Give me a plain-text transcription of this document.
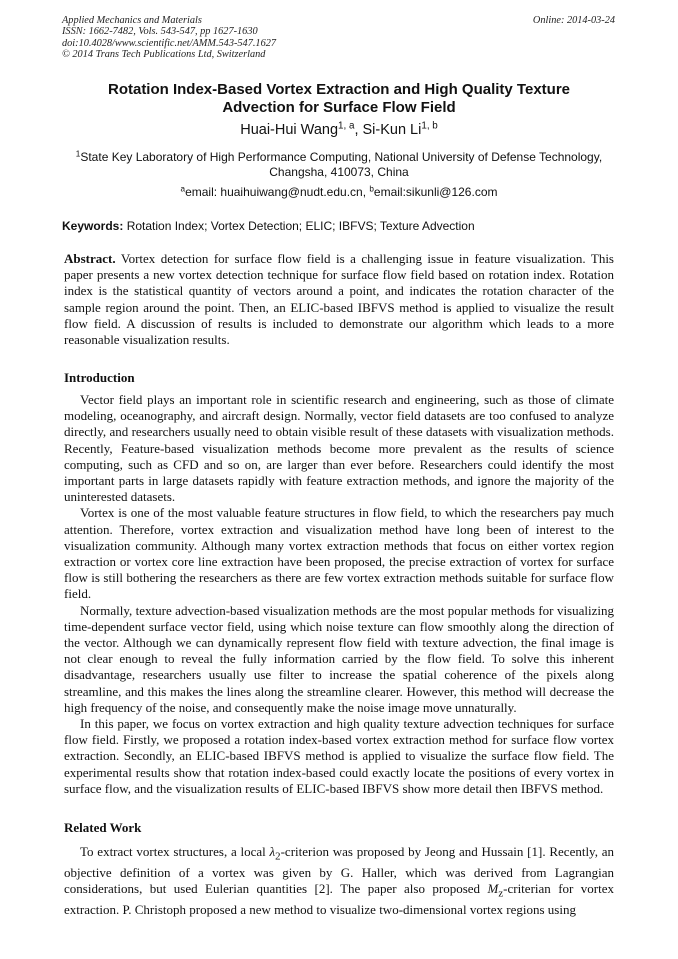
Applied Mechanics and Materials
ISSN: 1662-7482, Vols. 543-547, pp 1627-1630
doi:10.4028/www.scientific.net/AMM.543-547.1627
© 2014 Trans Tech Publications Ltd, Switzerland
Online: 2014-03-24
Rotation Index-Based Vortex Extraction and High Quality Texture
Advection for Surface Flow Field
Huai-Hui Wang$^{1, a}$, Si-Kun Li$^{1, b}$
$^1$State Key Laboratory of High Performance Computing, National University of Defense Technology,
Changsha, 410073, China
$^a$email: huaihuiwang@nudt.edu.cn, $^b$email:sikunli@126.com
Keywords: Rotation Index; Vortex Detection; ELIC; IBFVS; Texture Advection

Abstract. Vortex detection for surface flow field is a challenging issue in feature visualization. This paper presents a new vortex detection technique for surface flow field based on rotation index. Rotation index is the statistical quantity of vectors around a point, and indicates the rotation character of the sample region around the point. Then, an ELIC-based IBFVS method is applied to visualize the result flow field. A discussion of results is included to demonstrate our algorithm which leads to a more reasonable visualization results.

Introduction

Vector field plays an important role in scientific research and engineering, such as those of climate modeling, oceanography, and aircraft design. Normally, vector field datasets are too confused to analyze directly, and researchers usually need to obtain visible result of these datasets with visualization methods. Recently, Feature-based visualization methods become more prevalent as the results of science computing, such as CFD and so on, are larger than ever before. Researchers could identify the most important parts in large datasets rapidly with feature extraction methods, and ignore the majority of the uninterested datasets.

Vortex is one of the most valuable feature structures in flow field, to which the researchers pay much attention. Therefore, vortex extraction and visualization method have long been of interest to the visualization community. Although many vortex extraction methods that focus on either vortex region extraction or vortex core line extraction have been proposed, the precise extraction of vortex for surface flow is still bothering the researchers as there are few vortex extraction methods suitable for surface flow field.

Normally, texture advection-based visualization methods are the most popular methods for visualizing time-dependent surface vector field, using which noise texture can flow smoothly along the direction of the vector. Although we can dynamically represent flow field with texture advection, the final image is not clear enough to reveal the fully information carried by the flow field. To solve this inherent disadvantage, researchers usually use filter to increase the spatial coherence of the pixels along streamline, and this makes the lines along the streamline clearer. However, this method will decrease the high frequency of the noise, and consequently make the noise image move unnaturally.

In this paper, we focus on vortex extraction and high quality texture advection techniques for surface flow field. Firstly, we proposed a rotation index-based vortex extraction method for surface flow vortex extraction. Secondly, an ELIC-based IBFVS method is applied to visualize the surface flow field. The experimental results show that rotation index-based could exactly locate the positions of every vortex in surface flow, and the visualization results of ELIC-based IBFVS show more detail then IBFVS method.

Related Work

To extract vortex structures, a local $\lambda_2$-criterion was proposed by Jeong and Hussain [1]. Recently, an objective definition of a vortex was given by G. Haller, which was derived from Lagrangian considerations, but used Eulerian quantities [2]. The paper also proposed $M_z$-criterian for vortex extraction. P. Christoph proposed a new method to visualize two-dimensional vortex regions using
